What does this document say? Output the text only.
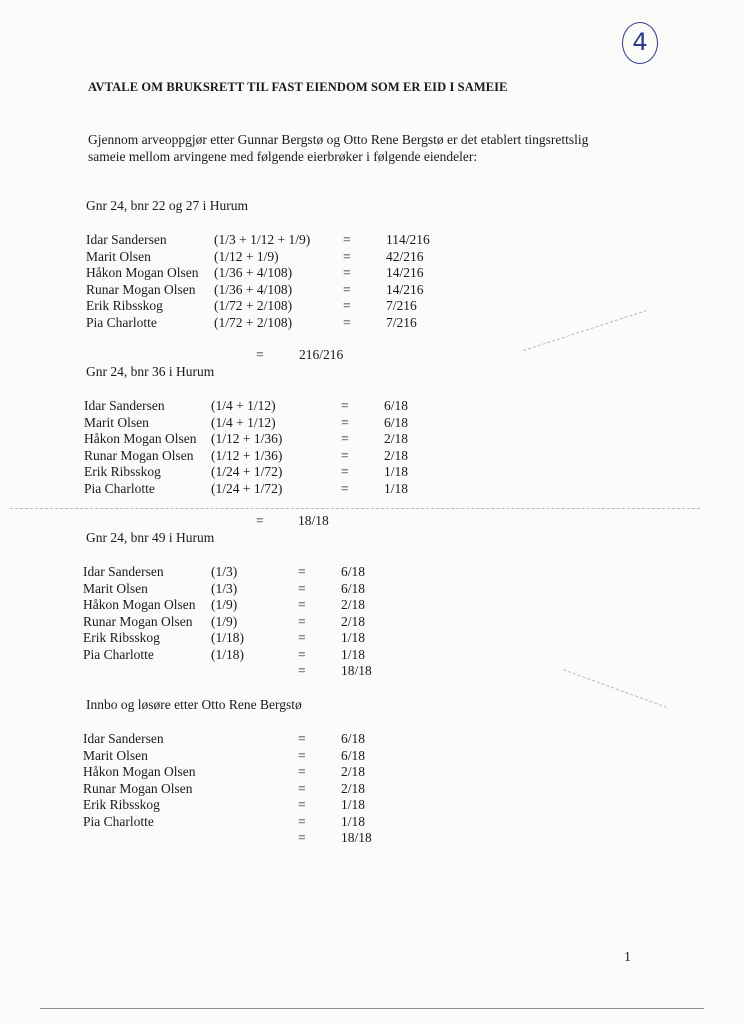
4
AVTALE OM BRUKSRETT TIL FAST EIENDOM SOM ER EID I SAMEIE
Gjennom arveoppgjør etter Gunnar Bergstø og Otto Rene Bergstø er det etablert tingsrettslig
sameie mellom arvingene med følgende eierbrøker i følgende eiendeler:
Gnr 24, bnr 22 og 27 i Hurum
Idar Sandersen	(1/3 + 1/12 + 1/9) =	114/216
Marit Olsen	(1/12 + 1/9)	=	42/216
Håkon Mogan Olsen (1/36 + 4/108)	=	14/216
Runar Mogan Olsen (1/36 + 4/108)	=	14/216
Erik Ribsskog	(1/72 + 2/108)	=	7/216
Pia Charlotte	(1/72 + 2/108)	=	7/216
=	216/216
Gnr 24, bnr 36 i Hurum
Idar Sandersen	(1/4 + 1/12)	=	6/18
Marit Olsen	(1/4 + 1/12)	=	6/18
Håkon Mogan Olsen (1/12 + 1/36)	=	2/18
Runar Mogan Olsen (1/12 + 1/36)	=	2/18
Erik Ribsskog	(1/24 + 1/72)	=	1/18
Pia Charlotte	(1/24 + 1/72)	=	1/18
=	18/18
Gnr 24, bnr 49 i Hurum
Idar Sandersen	(1/3)	=	6/18
Marit Olsen	(1/3)	=	6/18
Håkon Mogan Olsen (1/9)	=	2/18
Runar Mogan Olsen (1/9)	=	2/18
Erik Ribsskog	(1/18)	=	1/18
Pia Charlotte	(1/18)	=	1/18
=	18/18
Innbo og løsøre etter Otto Rene Bergstø
Idar Sandersen	=	6/18
Marit Olsen	=	6/18
Håkon Mogan Olsen	=	2/18
Runar Mogan Olsen	=	2/18
Erik Ribsskog	=	1/18
Pia Charlotte	=	1/18
=	18/18
1
